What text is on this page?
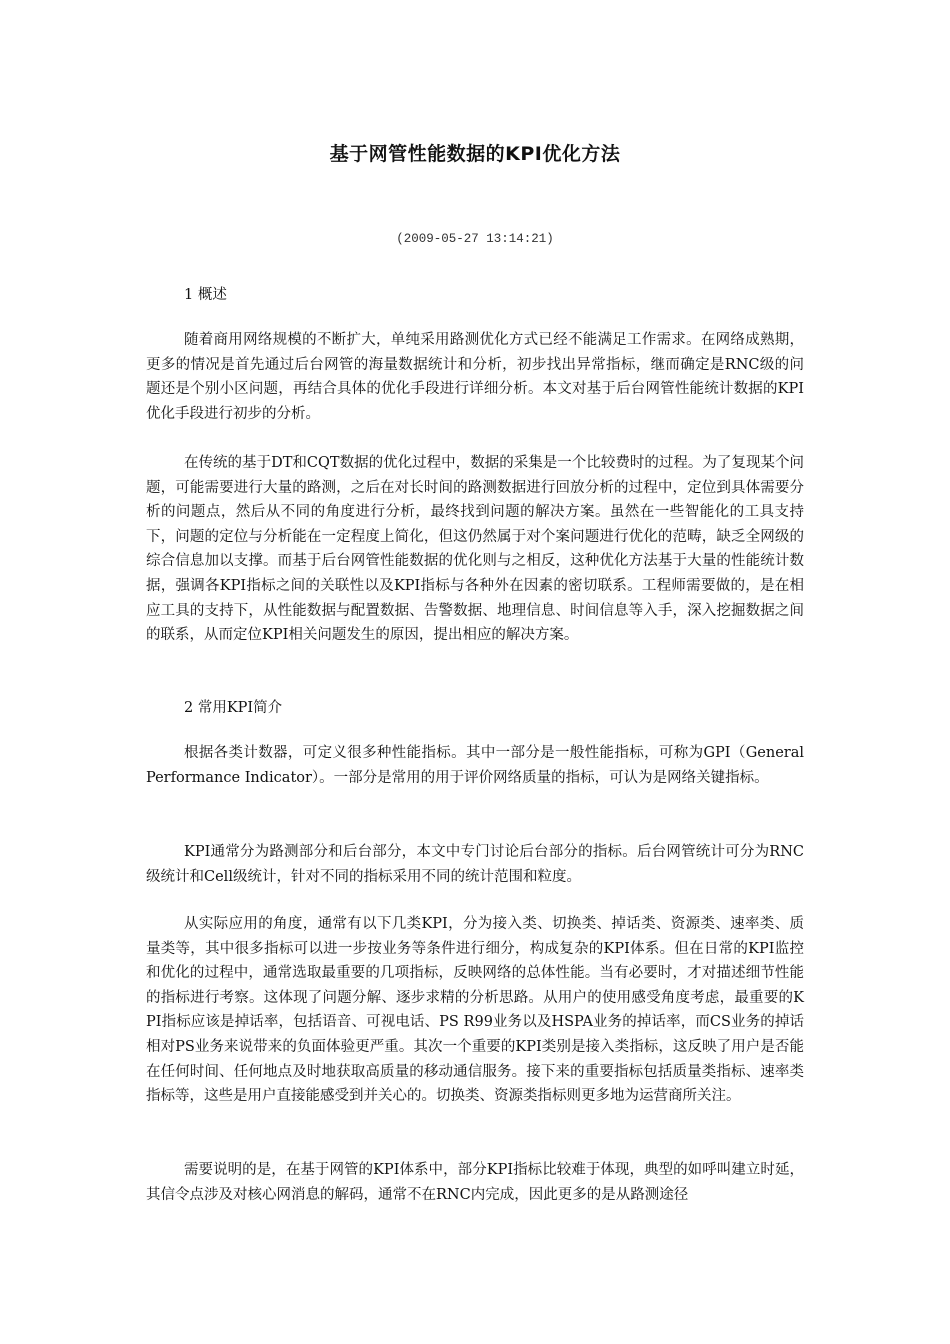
基于网管性能数据的KPI优化方法
(2009-05-27 13:14:21)
1 概述
随着商用网络规模的不断扩大，单纯采用路测优化方式已经不能满足工作需求。在网络成熟期，更多的情况是首先通过后台网管的海量数据统计和分析，初步找出异常指标，继而确定是RNC级的问题还是个别小区问题，再结合具体的优化手段进行详细分析。本文对基于后台网管性能统计数据的KPI优化手段进行初步的分析。
在传统的基于DT和CQT数据的优化过程中，数据的采集是一个比较费时的过程。为了复现某个问题，可能需要进行大量的路测，之后在对长时间的路测数据进行回放分析的过程中，定位到具体需要分析的问题点，然后从不同的角度进行分析，最终找到问题的解决方案。虽然在一些智能化的工具支持下，问题的定位与分析能在一定程度上简化，但这仍然属于对个案问题进行优化的范畴，缺乏全网级的综合信息加以支撑。而基于后台网管性能数据的优化则与之相反，这种优化方法基于大量的性能统计数据，强调各KPI指标之间的关联性以及KPI指标与各种外在因素的密切联系。工程师需要做的，是在相应工具的支持下，从性能数据与配置数据、告警数据、地理信息、时间信息等入手，深入挖掘数据之间的联系，从而定位KPI相关问题发生的原因，提出相应的解决方案。
2 常用KPI简介
根据各类计数器，可定义很多种性能指标。其中一部分是一般性能指标，可称为GPI（General Performance Indicator）。一部分是常用的用于评价网络质量的指标，可认为是网络关键指标。
KPI通常分为路测部分和后台部分，本文中专门讨论后台部分的指标。后台网管统计可分为RNC级统计和Cell级统计，针对不同的指标采用不同的统计范围和粒度。
从实际应用的角度，通常有以下几类KPI，分为接入类、切换类、掉话类、资源类、速率类、质量类等，其中很多指标可以进一步按业务等条件进行细分，构成复杂的KPI体系。但在日常的KPI监控和优化的过程中，通常选取最重要的几项指标，反映网络的总体性能。当有必要时，才对描述细节性能的指标进行考察。这体现了问题分解、逐步求精的分析思路。从用户的使用感受角度考虑，最重要的KPI指标应该是掉话率，包括语音、可视电话、PS R99业务以及HSPA业务的掉话率，而CS业务的掉话相对PS业务来说带来的负面体验更严重。其次一个重要的KPI类别是接入类指标，这反映了用户是否能在任何时间、任何地点及时地获取高质量的移动通信服务。接下来的重要指标包括质量类指标、速率类指标等，这些是用户直接能感受到并关心的。切换类、资源类指标则更多地为运营商所关注。
需要说明的是，在基于网管的KPI体系中，部分KPI指标比较难于体现，典型的如呼叫建立时延，其信令点涉及对核心网消息的解码，通常不在RNC内完成，因此更多的是从路测途径
